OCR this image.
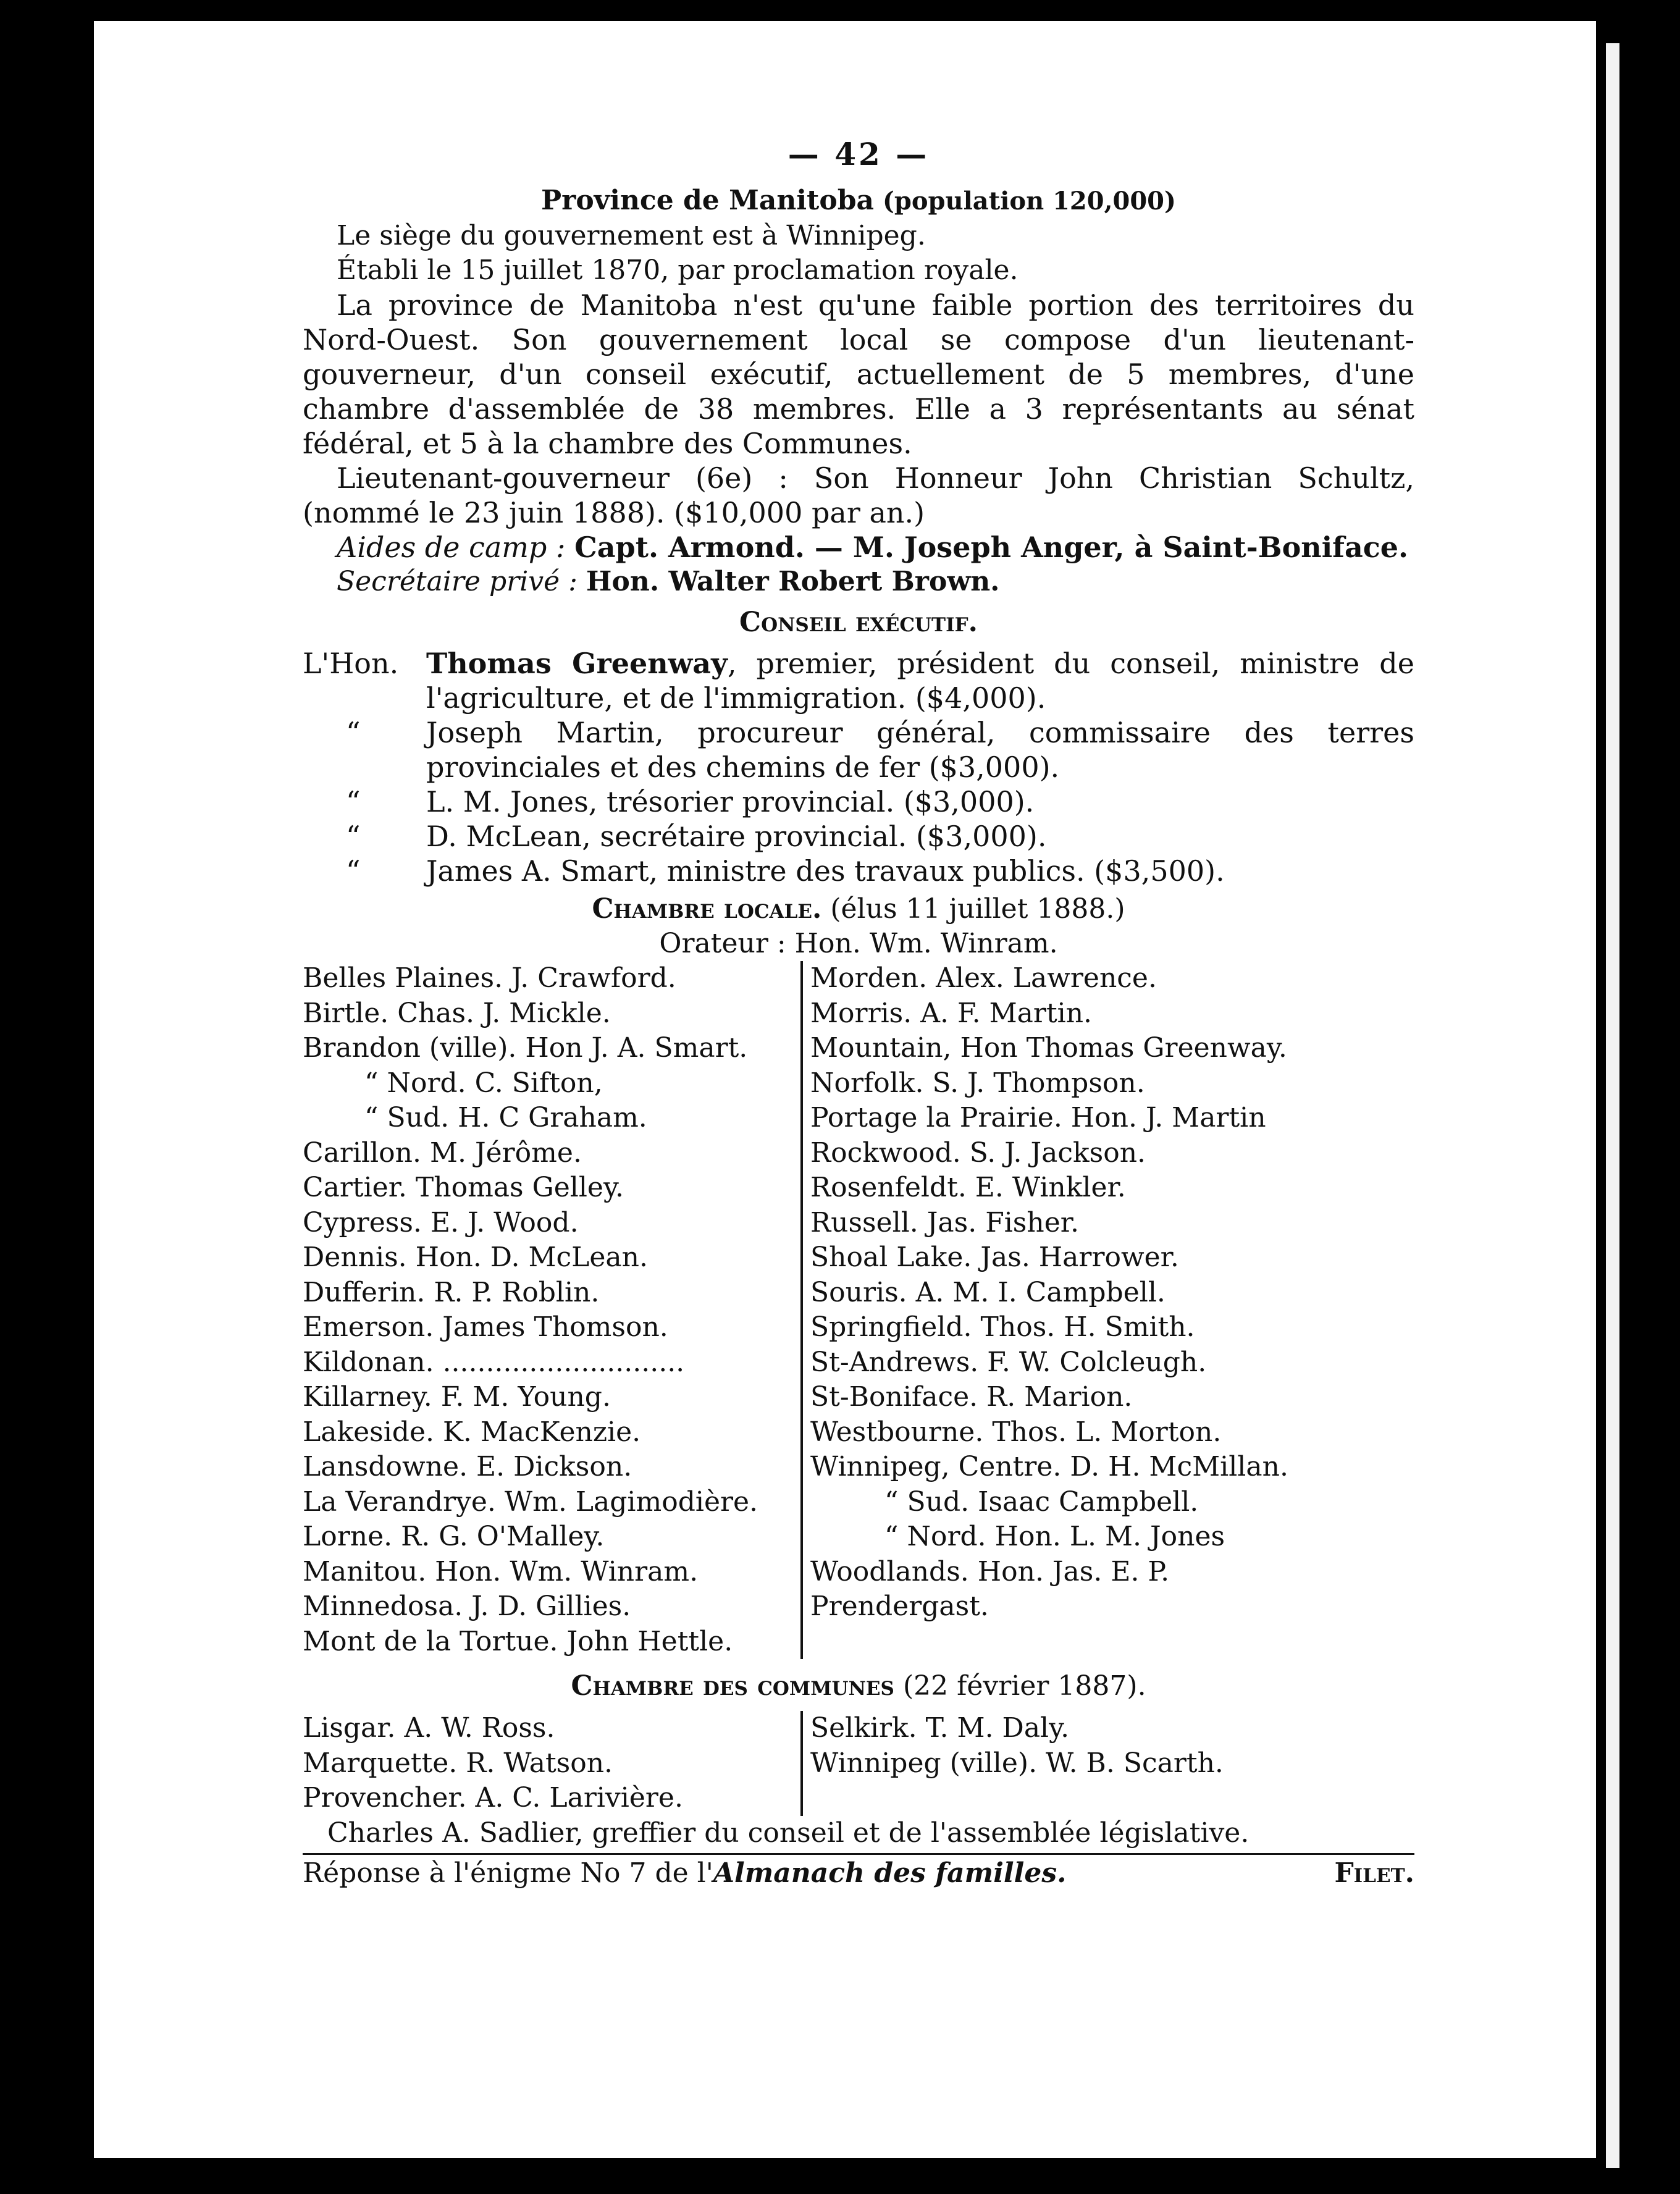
— 42 —
Province de Manitoba (population 120,000)
Le siège du gouvernement est à Winnipeg.
Établi le 15 juillet 1870, par proclamation royale.
La province de Manitoba n'est qu'une faible portion des territoires du Nord-Ouest. Son gouvernement local se compose d'un lieutenant-gouverneur, d'un conseil exécutif, actuellement de 5 membres, d'une chambre d'assemblée de 38 membres. Elle a 3 représentants au sénat fédéral, et 5 à la chambre des Communes.
Lieutenant-gouverneur (6e) : Son Honneur John Christian Schultz, (nommé le 23 juin 1888). ($10,000 par an.)
Aides de camp : Capt. Armond. — M. Joseph Anger, à Saint-Boniface.
Secrétaire privé : Hon. Walter Robert Brown.
Conseil exécutif.
L'Hon. Thomas Greenway, premier, président du conseil, ministre de l'agriculture, et de l'immigration. ($4,000).
“ Joseph Martin, procureur général, commissaire des terres provinciales et des chemins de fer ($3,000).
“ L. M. Jones, trésorier provincial. ($3,000).
“ D. McLean, secrétaire provincial. ($3,000).
“ James A. Smart, ministre des travaux publics. ($3,500).
Chambre locale. (élus 11 juillet 1888.)
Orateur : Hon. Wm. Winram.
Belles Plaines. J. Crawford.
Birtle. Chas. J. Mickle.
Brandon (ville). Hon J. A. Smart.
“ Nord. C. Sifton,
“ Sud. H. C Graham.
Carillon. M. Jérôme.
Cartier. Thomas Gelley.
Cypress. E. J. Wood.
Dennis. Hon. D. McLean.
Dufferin. R. P. Roblin.
Emerson. James Thomson.
Kildonan. ............................
Killarney. F. M. Young.
Lakeside. K. MacKenzie.
Lansdowne. E. Dickson.
La Verandrye. Wm. Lagimodière.
Lorne. R. G. O'Malley.
Manitou. Hon. Wm. Winram.
Minnedosa. J. D. Gillies.
Mont de la Tortue. John Hettle.
Morden. Alex. Lawrence.
Morris. A. F. Martin.
Mountain, Hon Thomas Greenway.
Norfolk. S. J. Thompson.
Portage la Prairie. Hon. J. Martin
Rockwood. S. J. Jackson.
Rosenfeldt. E. Winkler.
Russell. Jas. Fisher.
Shoal Lake. Jas. Harrower.
Souris. A. M. I. Campbell.
Springfield. Thos. H. Smith.
St-Andrews. F. W. Colcleugh.
St-Boniface. R. Marion.
Westbourne. Thos. L. Morton.
Winnipeg, Centre. D. H. McMillan.
“ Sud. Isaac Campbell.
“ Nord. Hon. L. M. Jones
Woodlands. Hon. Jas. E. P. Prendergast.
Chambre des communes (22 février 1887).
Lisgar. A. W. Ross.
Marquette. R. Watson.
Provencher. A. C. Larivière.
Selkirk. T. M. Daly.
Winnipeg (ville). W. B. Scarth.
Charles A. Sadlier, greffier du conseil et de l'assemblée législative.
Réponse à l'énigme No 7 de l'Almanach des familles.	Filet.
